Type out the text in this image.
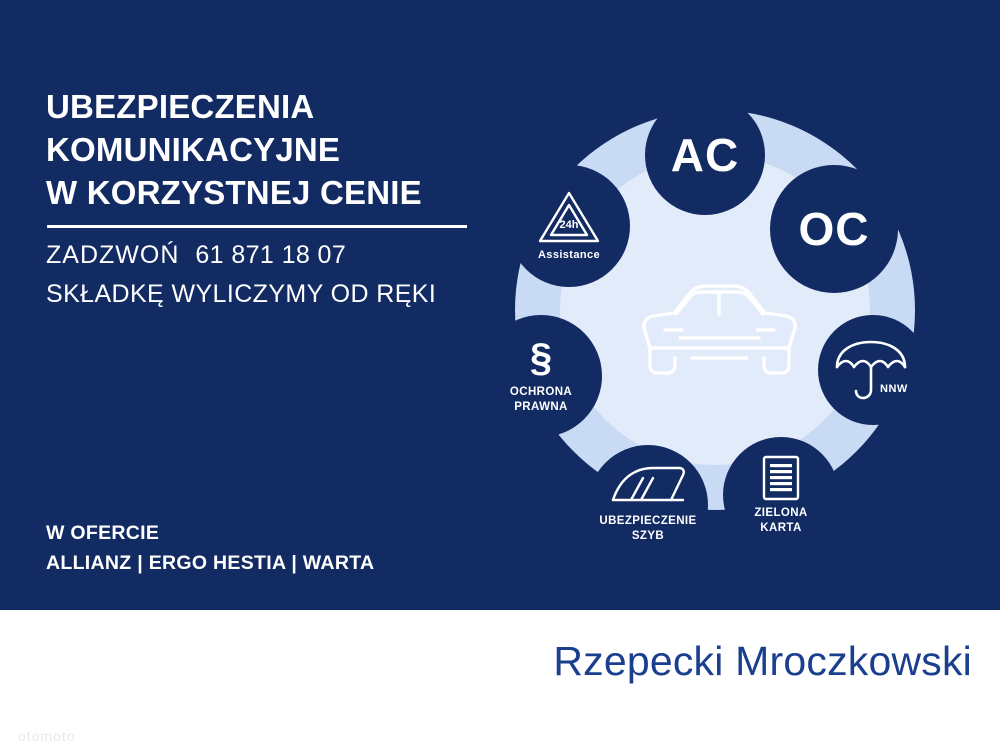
UBEZPIECZENIA
KOMUNIKACYJNE
W KORZYSTNEJ CENIE
ZADZWOŃ 61 871 18 07
SKŁADKĘ WYLICZYMY OD RĘKI
W OFERCIE
ALLIANZ | ERGO HESTIA | WARTA
AC
OC
NNW
ZIELONA
KARTA
UBEZPIECZENIE
SZYB
§
OCHRONA
PRAWNA
24h
Assistance
Rzepecki Mroczkowski
otomoto
